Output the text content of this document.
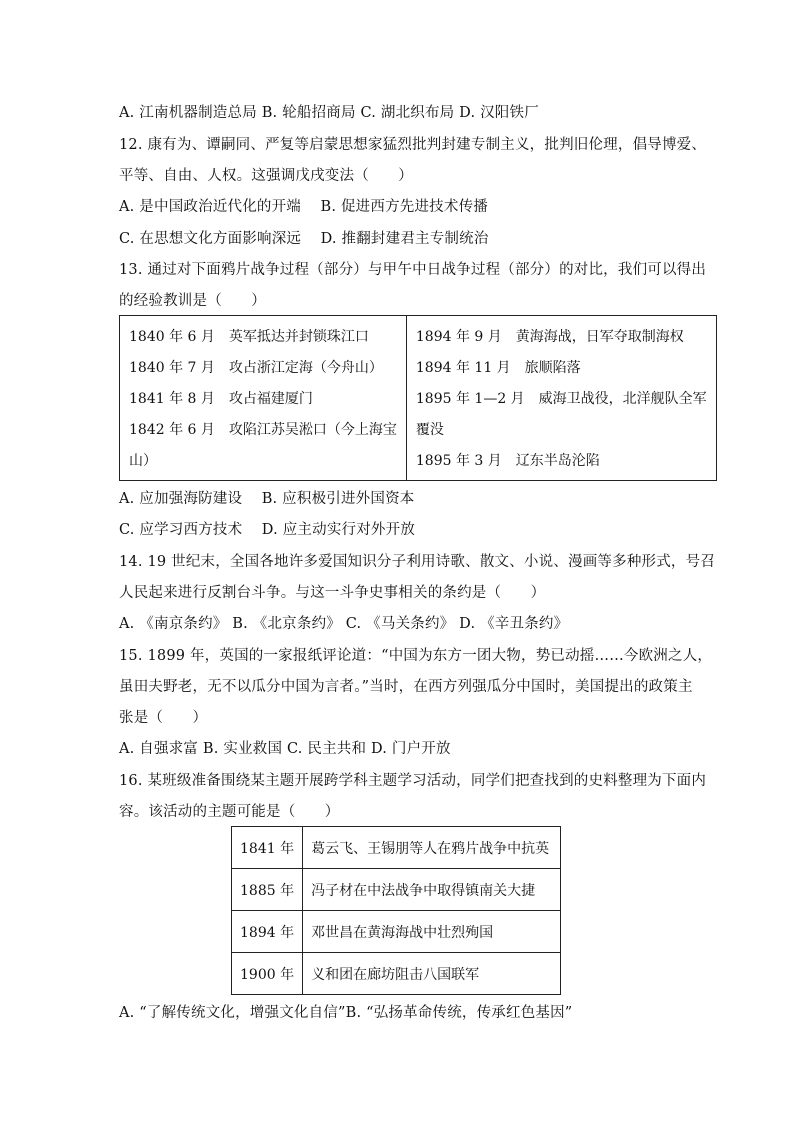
A. 江南机器制造总局 B. 轮船招商局 C. 湖北织布局 D. 汉阳铁厂
12. 康有为、谭嗣同、严复等启蒙思想家猛烈批判封建专制主义，批判旧伦理，倡导博爱、
平等、自由、人权。这强调戊戌变法（　　）
A. 是中国政治近代化的开端　 B. 促进西方先进技术传播
C. 在思想文化方面影响深远　 D. 推翻封建君主专制统治
13. 通过对下面鸦片战争过程（部分）与甲午中日战争过程（部分）的对比，我们可以得出
的经验教训是（　　）
1840 年 6 月　英军抵达并封锁珠江口
1840 年 7 月　攻占浙江定海（今舟山）
1841 年 8 月　攻占福建厦门
1842 年 6 月　攻陷江苏吴淞口（今上海宝
山）

1894 年 9 月　黄海海战，日军夺取制海权
1894 年 11 月　旅顺陷落
1895 年 1—2 月　威海卫战役，北洋舰队全军
覆没
1895 年 3 月　辽东半岛沦陷
A. 应加强海防建设　 B. 应积极引进外国资本
C. 应学习西方技术　 D. 应主动实行对外开放
14. 19 世纪末，全国各地许多爱国知识分子利用诗歌、散文、小说、漫画等多种形式，号召
人民起来进行反割台斗争。与这一斗争史事相关的条约是（　　）
A. 《南京条约》 B. 《北京条约》 C. 《马关条约》 D. 《辛丑条约》
15. 1899 年，英国的一家报纸评论道：“中国为东方一团大物，势已动摇……今欧洲之人，
虽田夫野老，无不以瓜分中国为言者。”当时，在西方列强瓜分中国时，美国提出的政策主
张是（　　）
A. 自强求富 B. 实业救国 C. 民主共和 D. 门户开放
16. 某班级准备围绕某主题开展跨学科主题学习活动，同学们把查找到的史料整理为下面内
容。该活动的主题可能是（　　）
1841 年	葛云飞、王锡朋等人在鸦片战争中抗英
1885 年	冯子材在中法战争中取得镇南关大捷
1894 年	邓世昌在黄海海战中壮烈殉国
1900 年	义和团在廊坊阻击八国联军
A. “了解传统文化，增强文化自信”B. “弘扬革命传统，传承红色基因”
